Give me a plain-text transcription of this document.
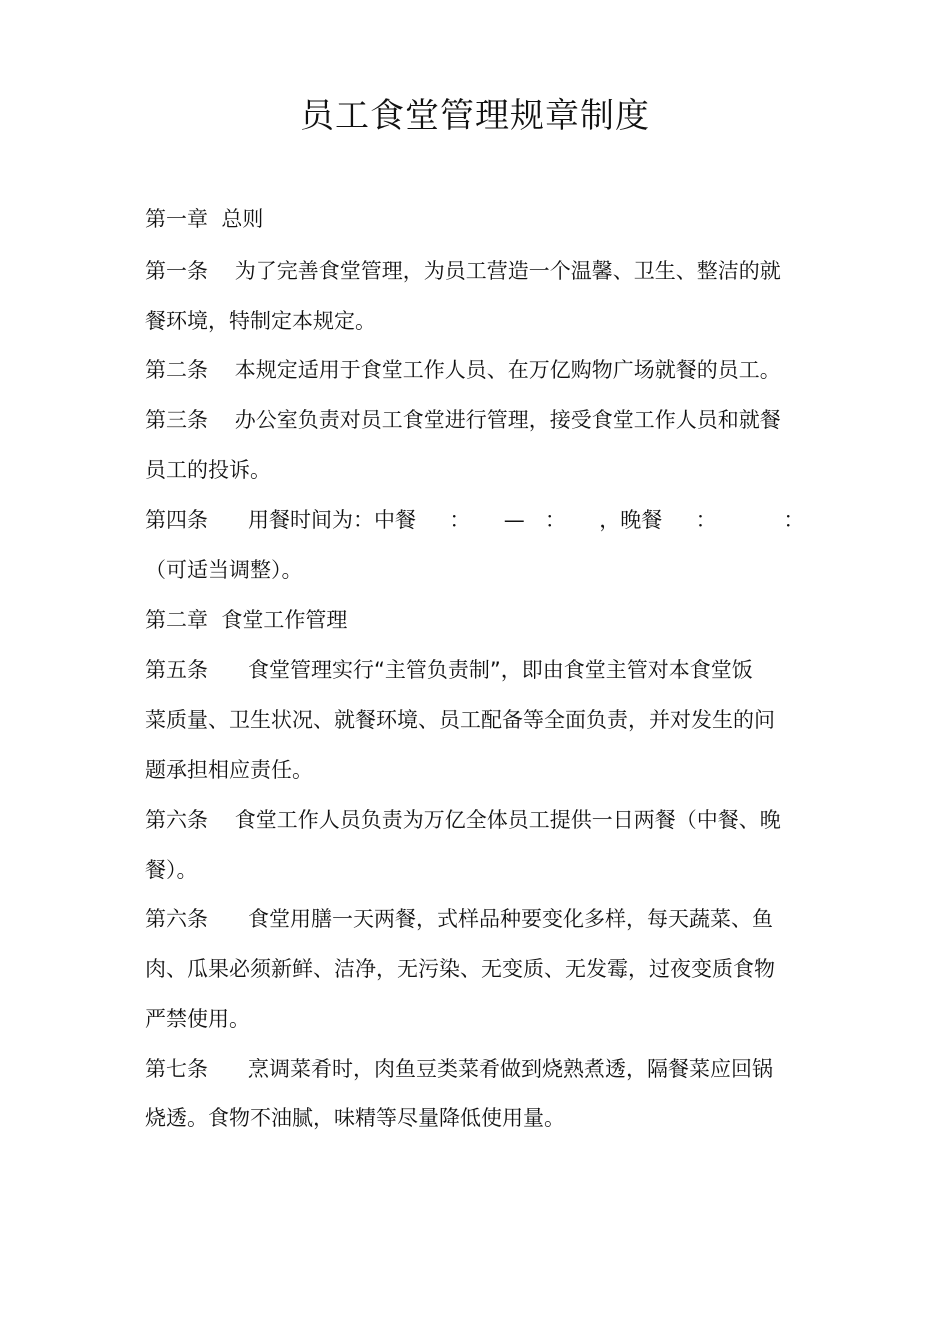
员工食堂管理规章制度
第一章  总则
第一条    为了完善食堂管理，为员工营造一个温馨、卫生、整洁的就
餐环境，特制定本规定。
第二条    本规定适用于食堂工作人员、在万亿购物广场就餐的员工。
第三条    办公室负责对员工食堂进行管理，接受食堂工作人员和就餐
员工的投诉。
第四条      用餐时间为：中餐     ：     —   ：     ，晚餐     ：          ：
（可适当调整）。
第二章  食堂工作管理
第五条      食堂管理实行“主管负责制”，即由食堂主管对本食堂饭
菜质量、卫生状况、就餐环境、员工配备等全面负责，并对发生的问
题承担相应责任。
第六条    食堂工作人员负责为万亿全体员工提供一日两餐（中餐、晚
餐）。
第六条      食堂用膳一天两餐，式样品种要变化多样，每天蔬菜、鱼
肉、瓜果必须新鲜、洁净，无污染、无变质、无发霉，过夜变质食物
严禁使用。
第七条      烹调菜肴时，肉鱼豆类菜肴做到烧熟煮透，隔餐菜应回锅
烧透。食物不油腻，味精等尽量降低使用量。
